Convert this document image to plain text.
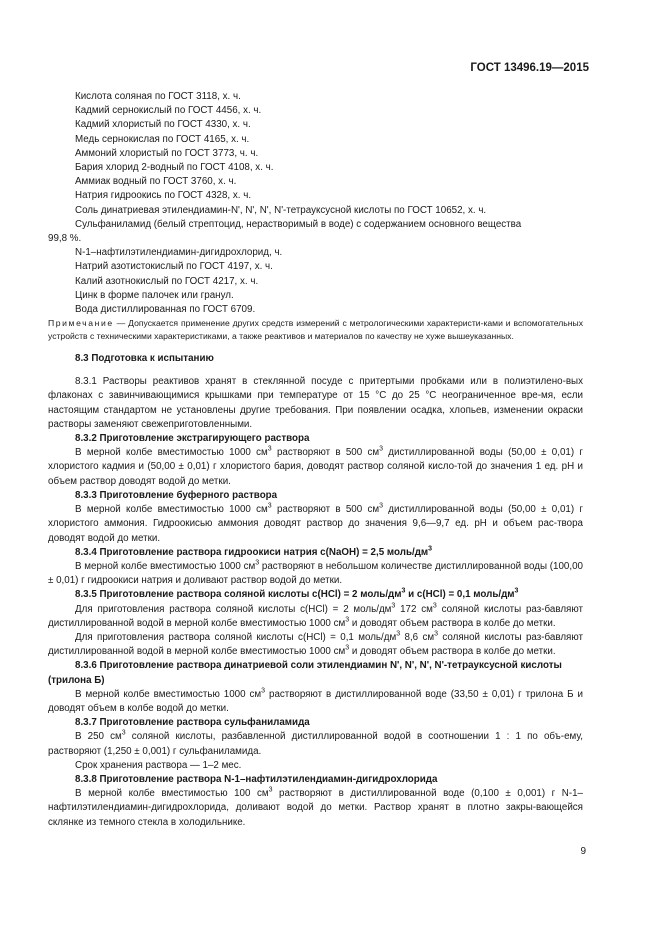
ГОСТ 13496.19—2015

Кислота соляная по ГОСТ 3118, х. ч.

Кадмий сернокислый по ГОСТ 4456, х. ч.

Кадмий хлористый по ГОСТ 4330, х. ч.

Медь сернокислая по ГОСТ 4165, х. ч.

Аммоний хлористый по ГОСТ 3773, ч. ч.

Бария хлорид 2-водный по ГОСТ 4108, х. ч.

Аммиак водный по ГОСТ 3760, х. ч.

Натрия гидроокись по ГОСТ 4328, х. ч.

Соль динатриевая этилендиамин-N', N', N', N'-тетрауксусной кислоты по ГОСТ 10652, х. ч.

Сульфаниламид (белый стрептоцид, нерастворимый в воде) с содержанием основного вещества

99,8 %.

N-1–нафтилэтилендиамин-дигидрохлорид, ч.

Натрий азотистокислый по ГОСТ 4197, х. ч.

Калий азотнокислый по ГОСТ 4217, х. ч.

Цинк в форме палочек или гранул.

Вода дистиллированная по ГОСТ 6709.

Примечание — Допускается применение других средств измерений с метрологическими характеристи-ками и вспомогательных устройств с техническими характеристиками, а также реактивов и материалов по качеству не хуже вышеуказанных.

8.3 Подготовка к испытанию

8.3.1 Растворы реактивов хранят в стеклянной посуде с притертыми пробками или в полиэтилено-вых флаконах с завинчивающимися крышками при температуре от 15 °С до 25 °С неограниченное вре-мя, если настоящим стандартом не установлены другие требования. При появлении осадка, хлопьев, изменении окраски растворы заменяют свежеприготовленными.

8.3.2 Приготовление экстрагирующего раствора

В мерной колбе вместимостью 1000 $см^3$ растворяют в 500 $см^3$ дистиллированной воды (50,00 ± 0,01) г хлористого кадмия и (50,00 ± 0,01) г хлористого бария, доводят раствор соляной кисло-той до значения 1 ед. рН и объем раствор доводят водой до метки.

8.3.3 Приготовление буферного раствора

В мерной колбе вместимостью 1000 $см^3$ растворяют в 500 $см^3$ дистиллированной воды (50,00 ± 0,01) г хлористого аммония. Гидроокисью аммония доводят раствор до значения 9,6—9,7 ед. рН и объем рас-твора доводят водой до метки.

8.3.4 Приготовление раствора гидроокиси натрия c(NaOH) = 2,5 моль/$дм^3$

В мерной колбе вместимостью 1000 $см^3$ растворяют в небольшом количестве дистиллированной воды (100,00 ± 0,01) г гидроокиси натрия и доливают раствор водой до метки.

8.3.5 Приготовление раствора соляной кислоты c(HCl) = 2 моль/$дм^3$ и c(HCl) = 0,1 моль/$дм^3$

Для приготовления раствора соляной кислоты c(HCl) = 2 моль/$дм^3$ 172 $см^3$ соляной кислоты раз-бавляют дистиллированной водой в мерной колбе вместимостью 1000 $см^3$ и доводят объем раствора в колбе до метки.

Для приготовления раствора соляной кислоты c(HCl) = 0,1 моль/$дм^3$ 8,6 $см^3$ соляной кислоты раз-бавляют дистиллированной водой в мерной колбе вместимостью 1000 $см^3$ и доводят объем раствора в колбе до метки.

8.3.6 Приготовление раствора динатриевой соли этилендиамин N', N', N', N'-тетрауксусной кислоты (трилона Б)

В мерной колбе вместимостью 1000 $см^3$ растворяют в дистиллированной воде (33,50 ± 0,01) г трилона Б и доводят объем в колбе водой до метки.

8.3.7 Приготовление раствора сульфаниламида

В 250 $см^3$ соляной кислоты, разбавленной дистиллированной водой в соотношении 1 : 1 по объ-ему, растворяют (1,250 ± 0,001) г сульфаниламида.

Срок хранения раствора — 1–2 мес.

8.3.8 Приготовление раствора N-1–нафтилэтилендиамин-дигидрохлорида

В мерной колбе вместимостью 100 $см^3$ растворяют в дистиллированной воде (0,100 ± 0,001) г N-1–нафтилэтилендиамин-дигидрохлорида, доливают водой до метки. Раствор хранят в плотно закры-вающейся склянке из темного стекла в холодильнике.

9
